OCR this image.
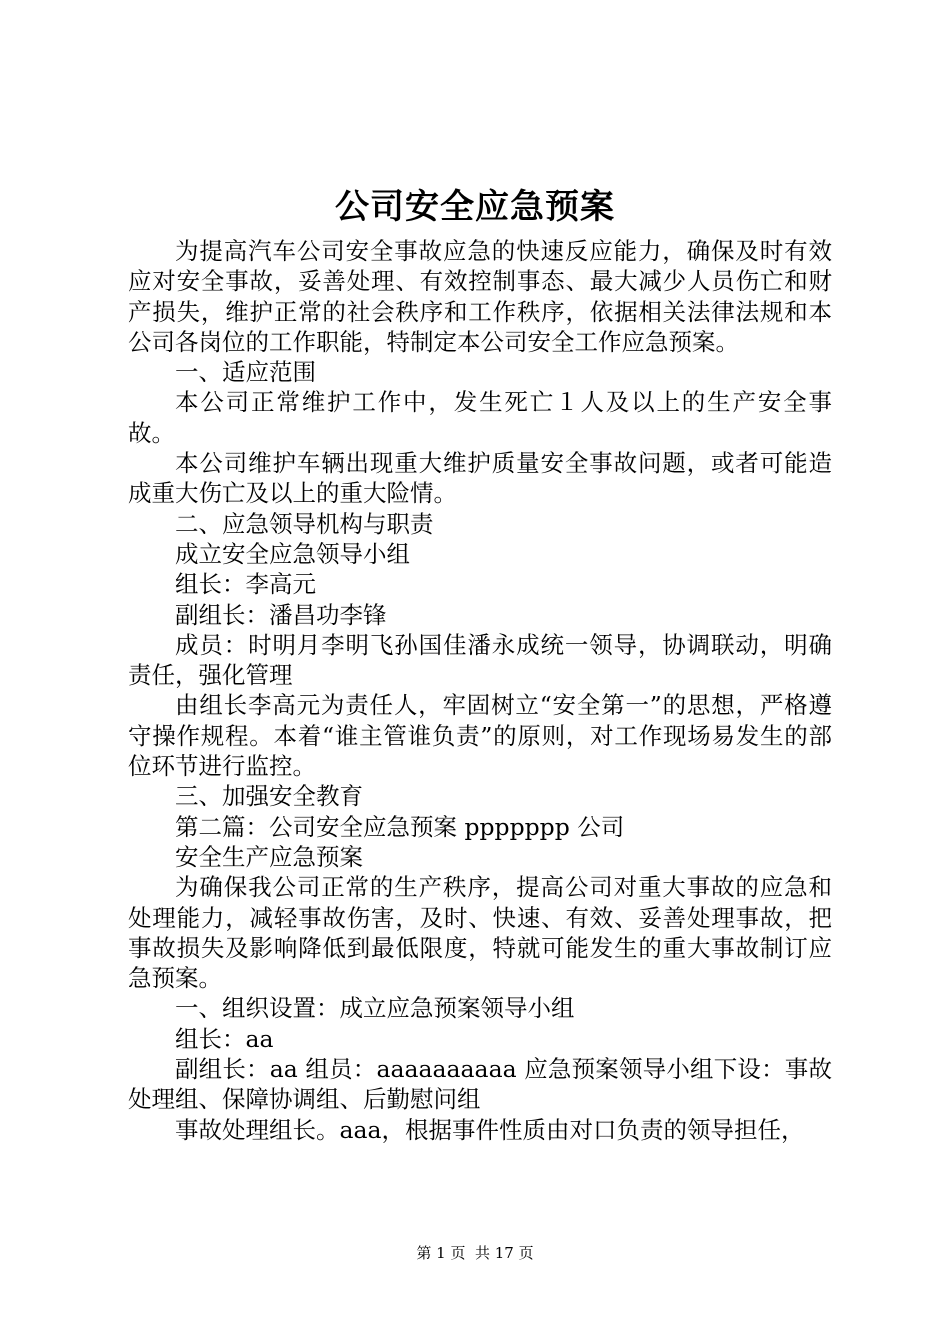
公司安全应急预案

为提高汽车公司安全事故应急的快速反应能力，确保及时有效应对安全事故，妥善处理、有效控制事态、最大减少人员伤亡和财产损失，维护正常的社会秩序和工作秩序，依据相关法律法规和本公司各岗位的工作职能，特制定本公司安全工作应急预案。

一、适应范围

本公司正常维护工作中，发生死亡１人及以上的生产安全事故。

本公司维护车辆出现重大维护质量安全事故问题，或者可能造成重大伤亡及以上的重大险情。

二、应急领导机构与职责

成立安全应急领导小组

组长：李高元

副组长：潘昌功李锋

成员：时明月李明飞孙国佳潘永成统一领导，协调联动，明确责任，强化管理

由组长李高元为责任人，牢固树立“安全第一”的思想，严格遵守操作规程。本着“谁主管谁负责”的原则，对工作现场易发生的部位环节进行监控。

三、加强安全教育

第二篇：公司安全应急预案 ppppppp 公司

安全生产应急预案

为确保我公司正常的生产秩序，提高公司对重大事故的应急和处理能力，减轻事故伤害，及时、快速、有效、妥善处理事故，把事故损失及影响降低到最低限度，特就可能发生的重大事故制订应急预案。

一、组织设置：成立应急预案领导小组

组长：aa

副组长：aa 组员：aaaaaaaaaa 应急预案领导小组下设：事故处理组、保障协调组、后勤慰问组

事故处理组长。aaa，根据事件性质由对口负责的领导担任，

第 1 页  共 17 页
